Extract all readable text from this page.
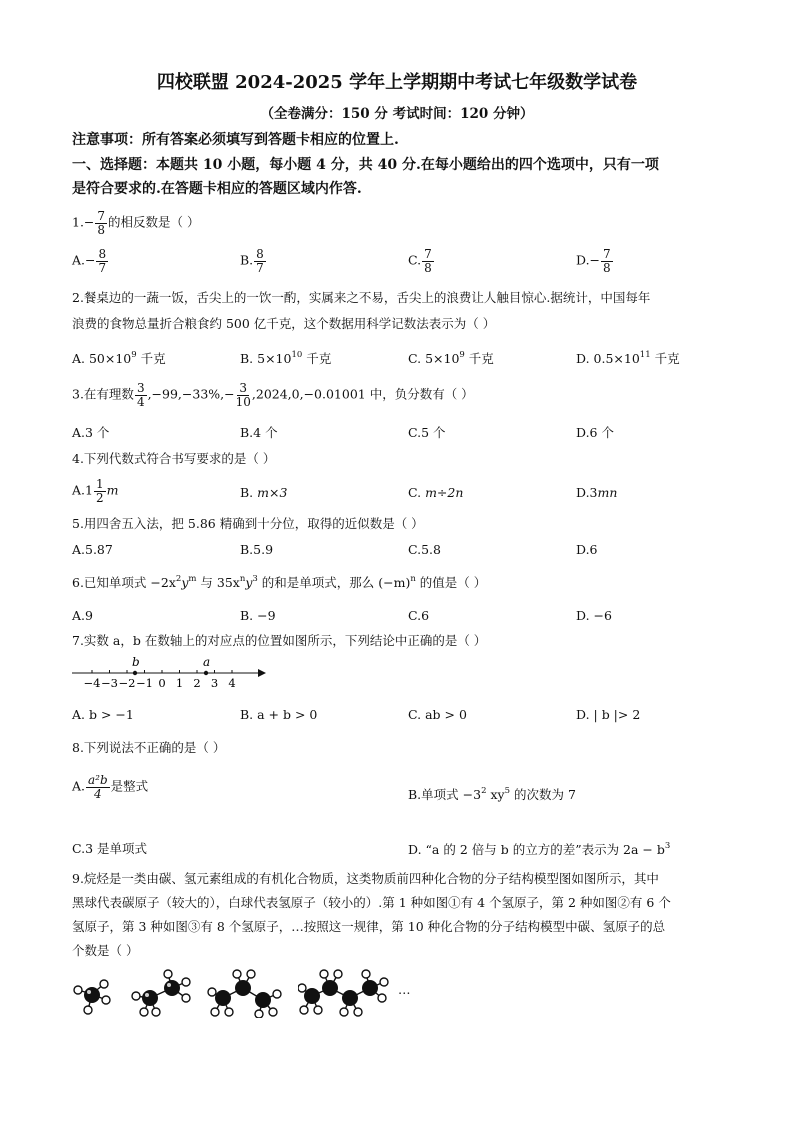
四校联盟 2024-2025 学年上学期期中考试七年级数学试卷
（全卷满分：150 分 考试时间：120 分钟）
注意事项：所有答案必须填写到答题卡相应的位置上.
一、选择题：本题共 10 小题，每小题 4 分，共 40 分.在每小题给出的四个选项中，只有一项
是符合要求的.在答题卡相应的答题区域内作答.
$1.- \frac{7}{8}$ 的相反数是（ ）
$A.- \frac{8}{7}$	B. $\frac{8}{7}$	C. $\frac{7}{8}$	$D.- \frac{7}{8}$
2.餐桌边的一蔬一饭，舌尖上的一饮一酌，实属来之不易，舌尖上的浪费让人触目惊心.据统计，中国每年
浪费的食物总量折合粮食约 500 亿千克，这个数据用科学记数法表示为（ ）
A. $50\times 10^9$ 千克	B. $5\times 10^{10}$ 千克	C. $5\times 10^9$ 千克	D. $0.5\times 10^{11}$ 千克
3.在有理数 $\frac{3}{4} ,-99,-33\%,- \frac{3}{10} ,2024,0,-0.01001$ 中，负分数有（ ）
A.3 个	B.4 个	C.5 个	D.6 个
4.下列代数式符合书写要求的是（ ）
$A.1 \frac{1}{2}$ m	B. m×3	C. m÷2n	D.3mn
5.用四舍五入法，把 5.86 精确到十分位，取得的近似数是（ ）
A.5.87	B.5.9	C.5.8	D.6
6.已知单项式 $-2x^2y^m$ 与 $35x^ny^3$ 的和是单项式，那么 $(-m)^n$ 的值是（ ）
A.9	B. −9	C.6	D. −6
7.实数 a，b 在数轴上的对应点的位置如图所示，下列结论中正确的是（ ）
−4 −3 −2 −1 0 1 2 3 4
b	a
A. b > −1	B. a + b > 0	C. ab > 0	D. | b |> 2
8.下列说法不正确的是（ ）
A. $\frac{\text{a²b}}{4}$ 是整式
B.单项式 $-3^2$ $xy^5$ 的次数为 7
C.3 是单项式	D. “a 的 2 倍与 b 的立方的差”表示为 $2a - b^3$
9.烷烃是一类由碳、氢元素组成的有机化合物质，这类物质前四种化合物的分子结构模型图如图所示，其中
黑球代表碳原子（较大的），白球代表氢原子（较小的）.第 1 种如图①有 4 个氢原子，第 2 种如图②有 6 个
氢原子，第 3 种如图③有 8 个氢原子，…按照这一规律，第 10 种化合物的分子结构模型中碳、氢原子的总
个数是（ ）
…
